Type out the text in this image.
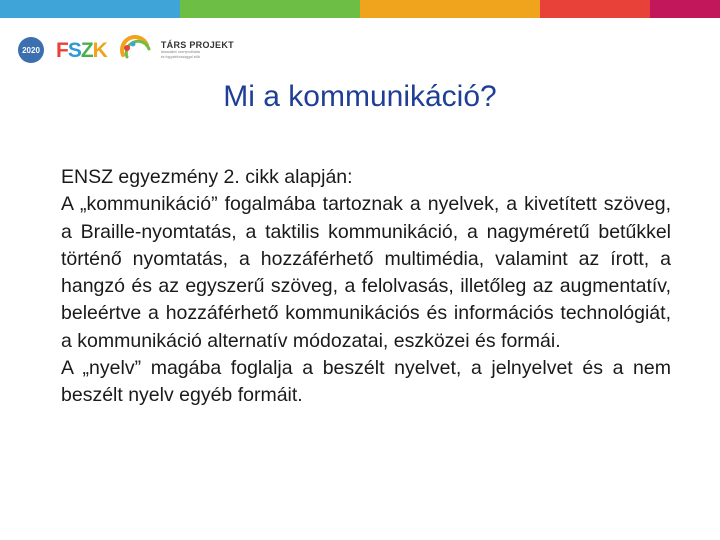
2020 FSZK	TÁRS PROJEKT
társadalmi szerepvállalás
és fogyatékossággal élők
Mi a kommunikáció?

ENSZ egyezmény 2. cikk alapján:

A „kommunikáció” fogalmába tartoznak a nyelvek, a kivetített szöveg, a Braille-nyomtatás, a taktilis kommunikáció, a nagyméretű betűkkel történő nyomtatás, a hozzáférhető multimédia, valamint az írott, a hangzó és az egyszerű szöveg, a felolvasás, illetőleg az augmentatív, beleértve a hozzáférhető kommunikációs és információs technológiát, a kommunikáció alternatív módozatai, eszközei és formái.

A „nyelv” magába foglalja a beszélt nyelvet, a jelnyelvet és a nem beszélt nyelv egyéb formáit.
